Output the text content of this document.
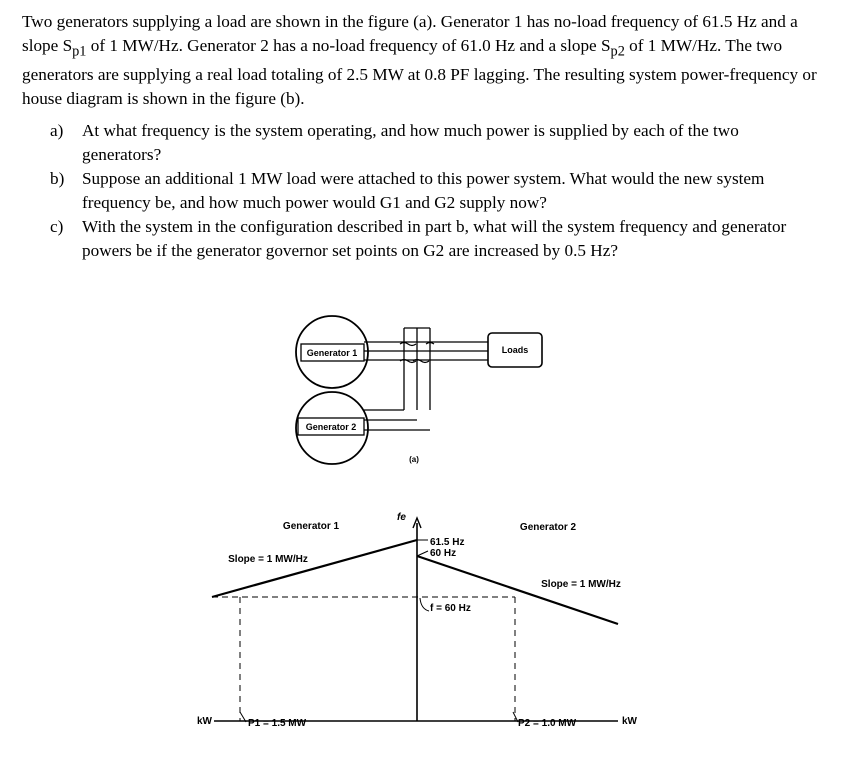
Two generators supplying a load are shown in the figure (a). Generator 1 has no-load frequency of 61.5 Hz and a slope $S_{p1}$ of 1 MW/Hz. Generator 2 has a no-load frequency of 61.0 Hz and a slope $S_{p2}$ of 1 MW/Hz. The two generators are supplying a real load totaling of 2.5 MW at 0.8 PF lagging. The resulting system power-frequency or house diagram is shown in the figure (b).

a) At what frequency is the system operating, and how much power is supplied by each of the two generators?
b) Suppose an additional 1 MW load were attached to this power system. What would the new system frequency be, and how much power would G1 and G2 supply now?
c) With the system in the configuration described in part b, what will the system frequency and generator powers be if the generator governor set points on G2 are increased by 0.5 Hz?
Generator 1
Generator 2
Loads
(a)
Generator 1	Generator 2
Slope = 1 MW/Hz
Slope = 1 MW/Hz
fe
61.5 Hz
60 Hz
f = 60 Hz
kW	kW
P1 = 1.5 MW	P2 = 1.0 MW
